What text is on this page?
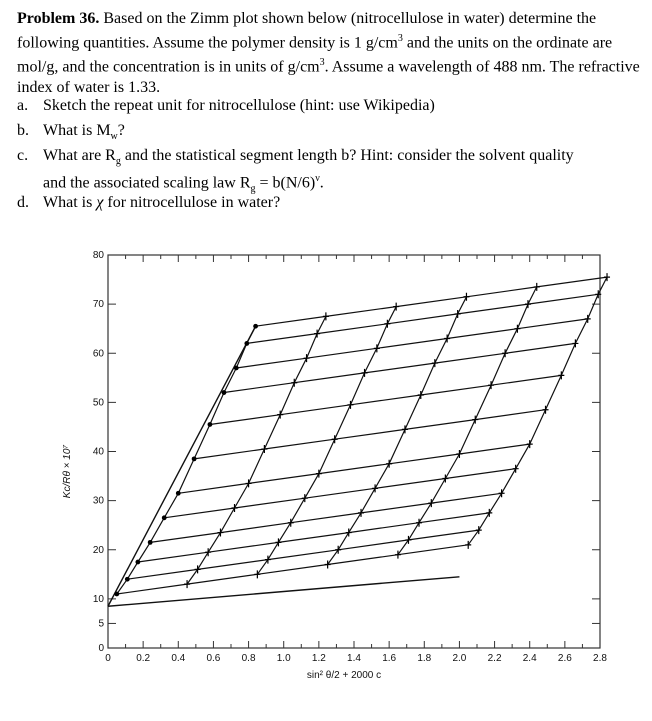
Problem 36. Based on the Zimm plot shown below (nitrocellulose in water) determine the following quantities. Assume the polymer density is 1 $g/cm^3$ and the units on the ordinate are mol/g, and the concentration is in units of $g/cm^3$. Assume a wavelength of 488 nm. The refractive index of water is 1.33.
a. Sketch the repeat unit for nitrocellulose (hint: use Wikipedia)
b. What is $M_w$?
c. What are $R_g$ and the statistical segment length b? Hint: consider the solvent quality
and the associated scaling law $R_g = b(N/6)^\nu$.
d. What is χ for nitrocellulose in water?
0	0.2 0.4 0.6 0.8 1.0 1.2 1.4 1.6 1.8 2.0 2.2 2.4 2.6 2.8
0
5
10
20
30
40
50
60
70
80
sin² θ/2 + 2000 c
Kc/Rθ × 10⁷
